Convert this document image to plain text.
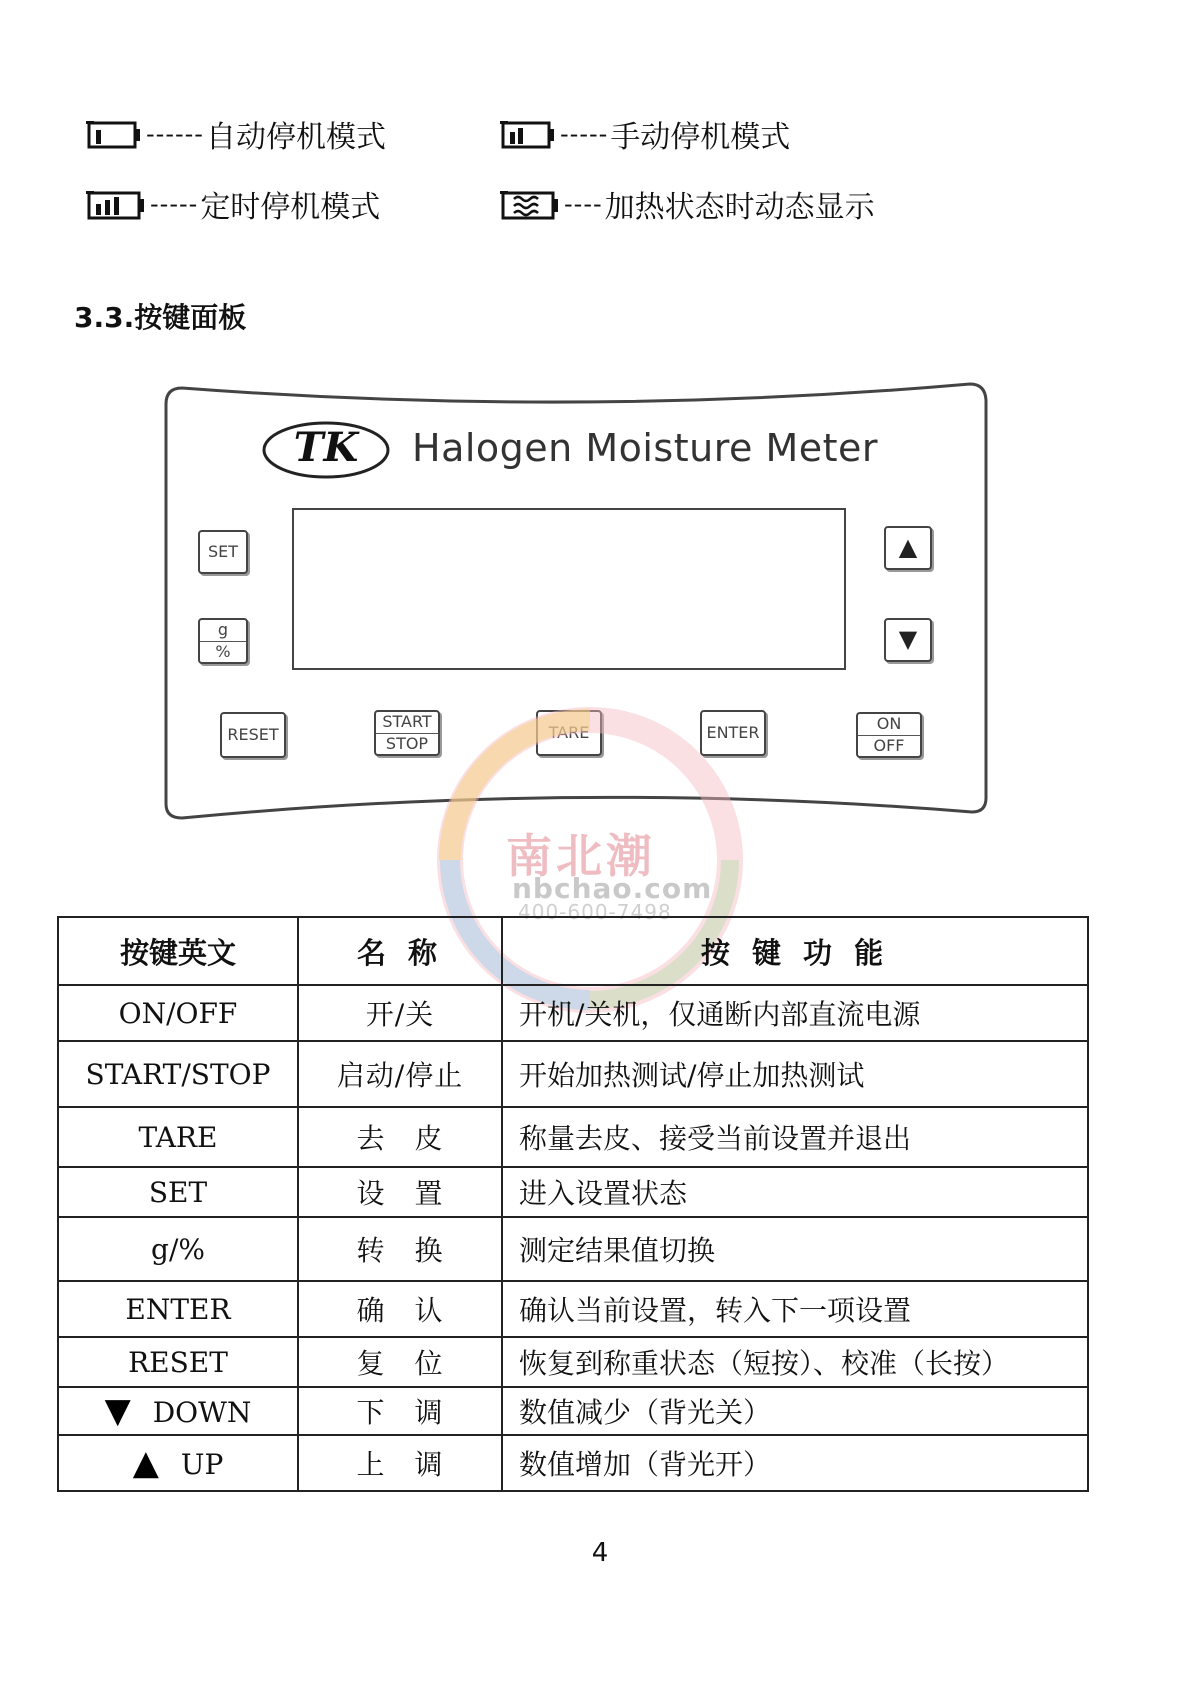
------ 自动停机模式	----- 手动停机模式
----- 定时停机模式	---- 加热状态时动态显示
3.3.按键面板
TK Halogen Moisture Meter
SET
g
%
▲
▼
RESET
START
STOP
TARE	ENTER	ON
OFF
南北潮
nbchao.com
400-600-7498
按键英文	名 称	按 键 功 能
ON/OFF	开/关	开机/关机，仅通断内部直流电源
START/STOP	启动/停止	开始加热测试/停止加热测试
TARE	去　皮	称量去皮、接受当前设置并退出
SET	设　置	进入设置状态
g/%	转　换	测定结果值切换
ENTER	确　认	确认当前设置，转入下一项设置
RESET	复　位	恢复到称重状态（短按）、校准（长按）
▼ DOWN	下　调	数值减少（背光关）
▲ UP	上　调	数值增加（背光开）
4
